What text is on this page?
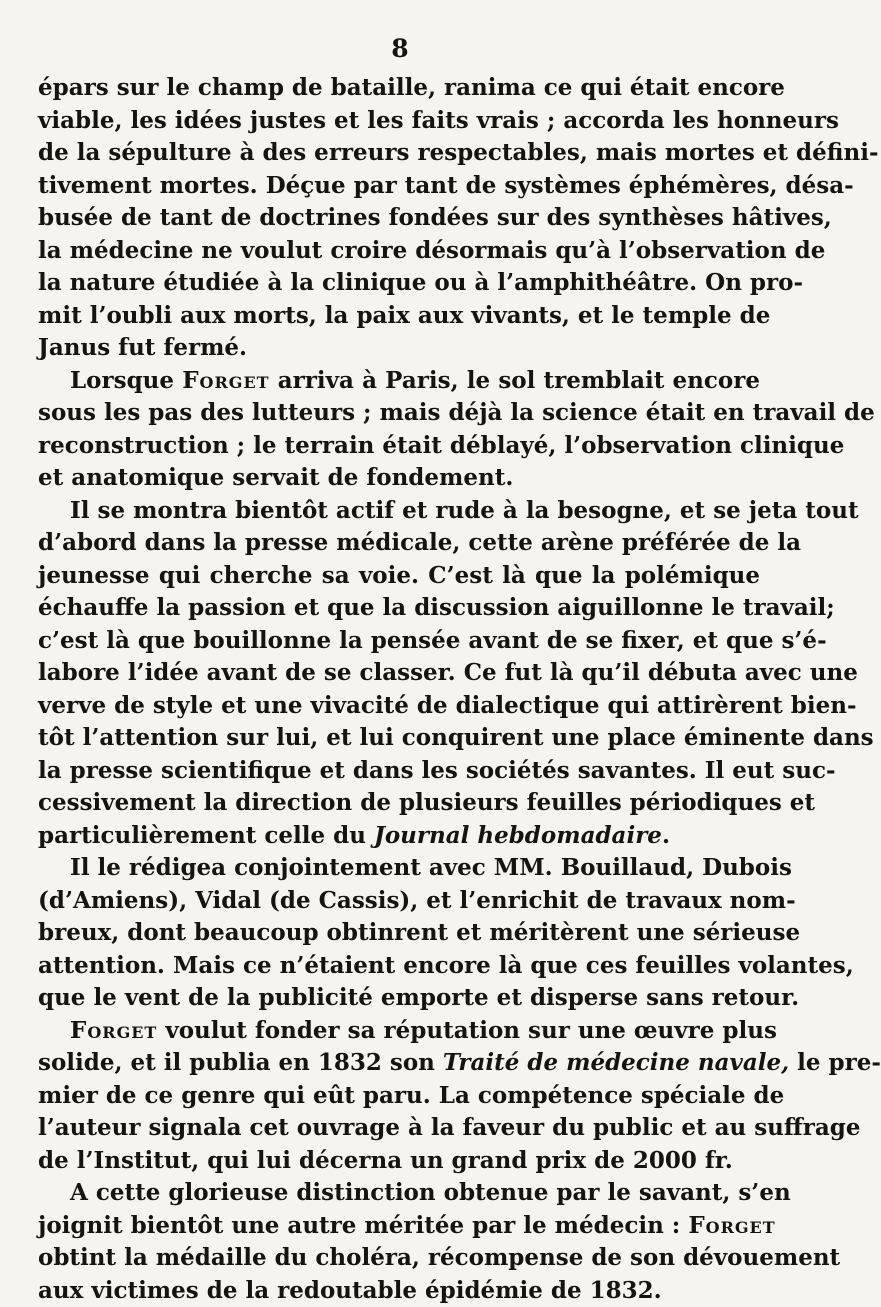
8
épars sur le champ de bataille, ranima ce qui était encore
viable, les idées justes et les faits vrais ; accorda les honneurs
de la sépulture à des erreurs respectables, mais mortes et défini-
tivement mortes. Déçue par tant de systèmes éphémères, désa-
busée de tant de doctrines fondées sur des synthèses hâtives,
la médecine ne voulut croire désormais qu’à l’observation de
la nature étudiée à la clinique ou à l’amphithéâtre. On pro-
mit l’oubli aux morts, la paix aux vivants, et le temple de
Janus fut fermé.
Lorsque Forget arriva à Paris, le sol tremblait encore
sous les pas des lutteurs ; mais déjà la science était en travail de
reconstruction ; le terrain était déblayé, l’observation clinique
et anatomique servait de fondement.
Il se montra bientôt actif et rude à la besogne, et se jeta tout
d’abord dans la presse médicale, cette arène préférée de la
jeunesse qui cherche sa voie. C’est là que la polémique
échauffe la passion et que la discussion aiguillonne le travail;
c’est là que bouillonne la pensée avant de se fixer, et que s’é-
labore l’idée avant de se classer. Ce fut là qu’il débuta avec une
verve de style et une vivacité de dialectique qui attirèrent bien-
tôt l’attention sur lui, et lui conquirent une place éminente dans
la presse scientifique et dans les sociétés savantes. Il eut suc-
cessivement la direction de plusieurs feuilles périodiques et
particulièrement celle du Journal hebdomadaire.
Il le rédigea conjointement avec MM. Bouillaud, Dubois
(d’Amiens), Vidal (de Cassis), et l’enrichit de travaux nom-
breux, dont beaucoup obtinrent et méritèrent une sérieuse
attention. Mais ce n’étaient encore là que ces feuilles volantes,
que le vent de la publicité emporte et disperse sans retour.
Forget voulut fonder sa réputation sur une œuvre plus
solide, et il publia en 1832 son Traité de médecine navale, le pre-
mier de ce genre qui eût paru. La compétence spéciale de
l’auteur signala cet ouvrage à la faveur du public et au suffrage
de l’Institut, qui lui décerna un grand prix de 2000 fr.
A cette glorieuse distinction obtenue par le savant, s’en
joignit bientôt une autre méritée par le médecin : Forget
obtint la médaille du choléra, récompense de son dévouement
aux victimes de la redoutable épidémie de 1832.
